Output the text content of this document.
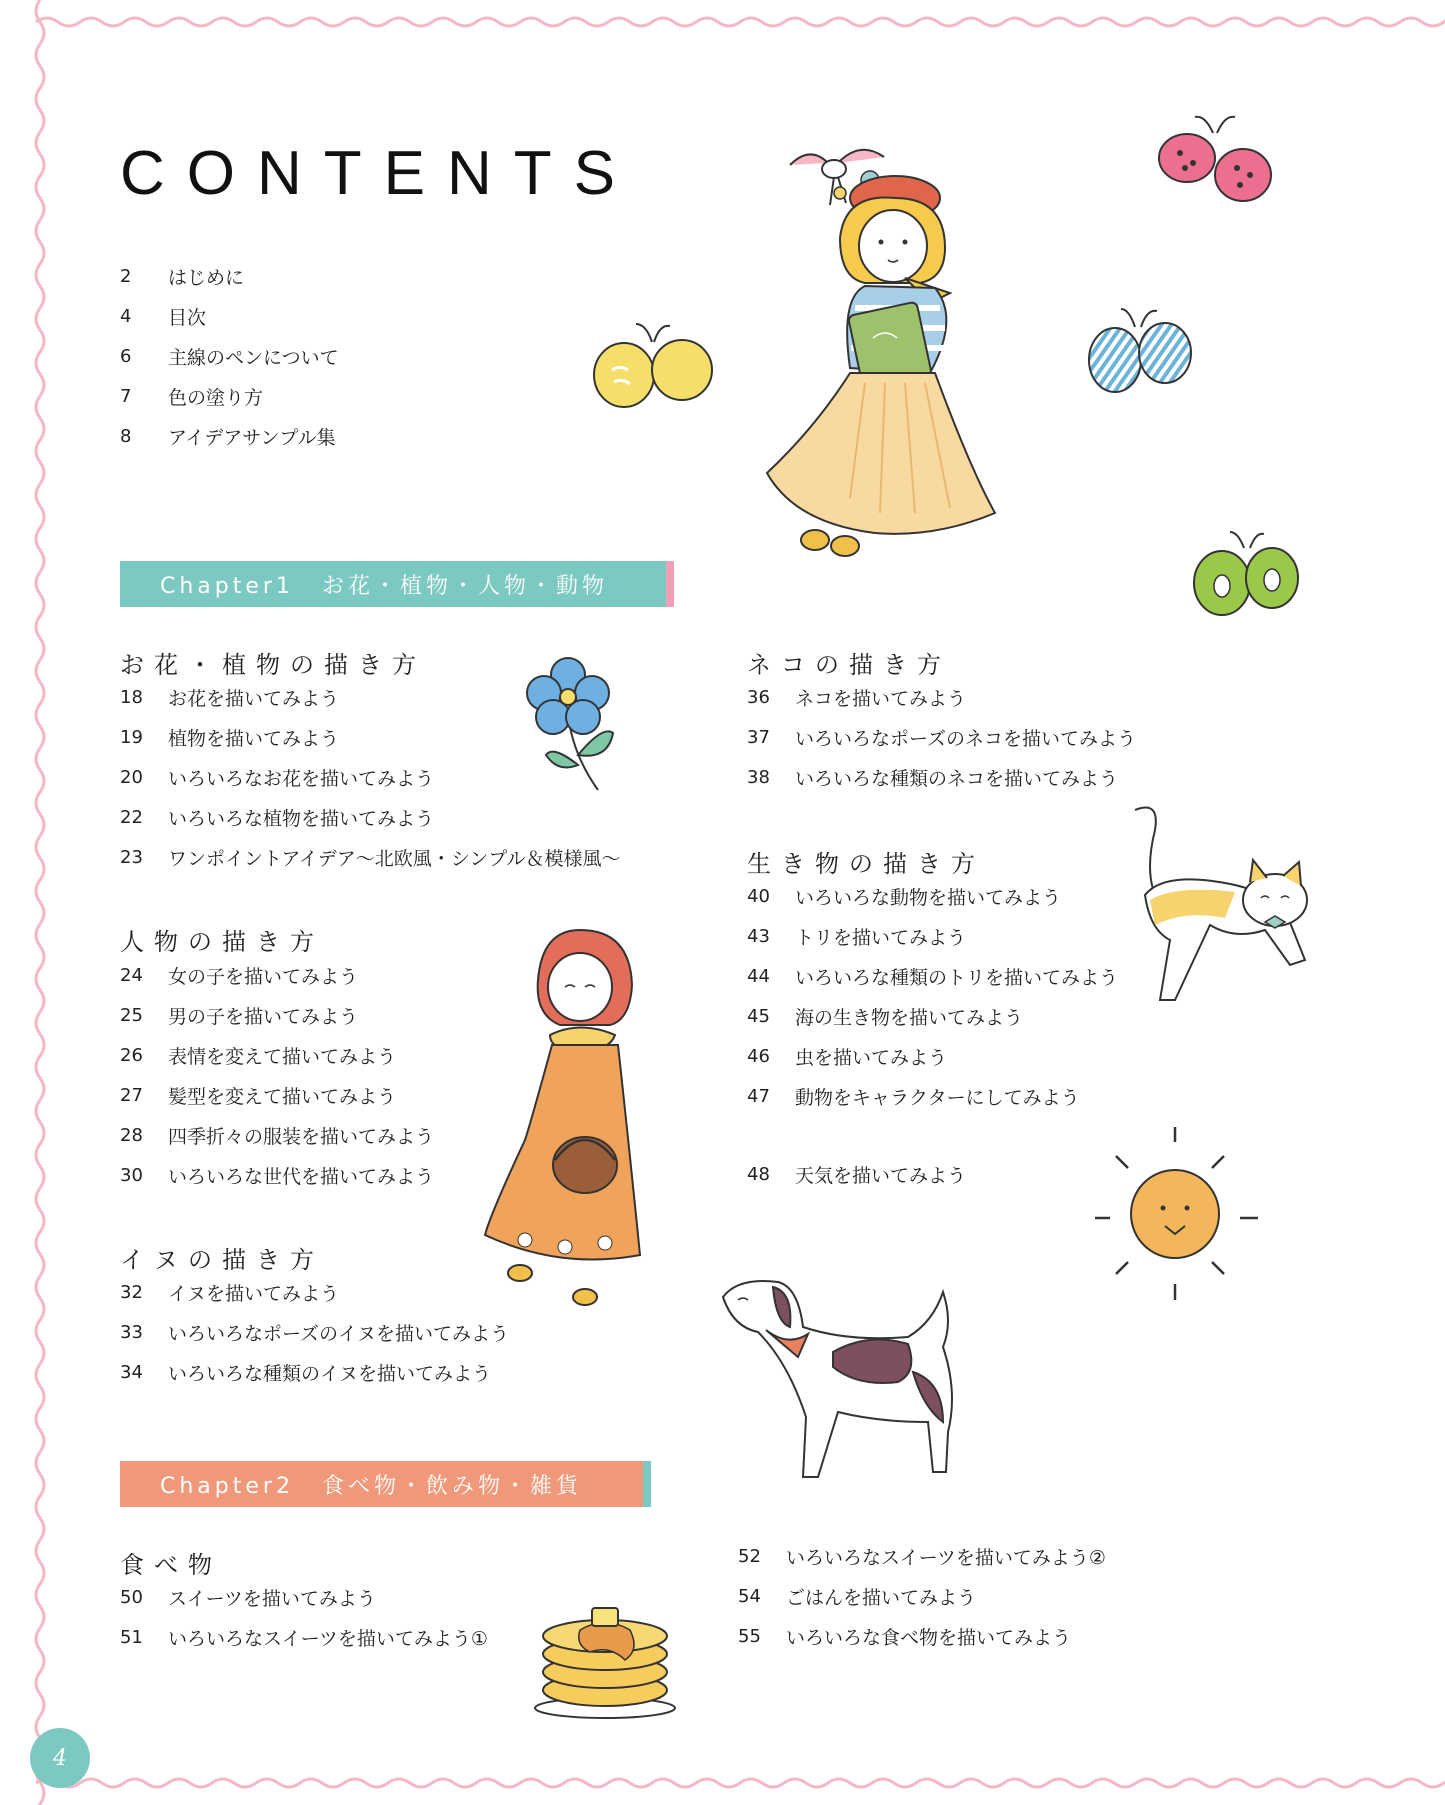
CONTENTS
2	はじめに
4	目次
6	主線のペンについて
7	色の塗り方
8	アイデアサンプル集
Chapter1 お花・植物・人物・動物
お花・植物の描き方
18	お花を描いてみよう
19	植物を描いてみよう
20	いろいろなお花を描いてみよう
22	いろいろな植物を描いてみよう
23	ワンポイントアイデア〜北欧風・シンプル＆模様風〜
人物の描き方
24	女の子を描いてみよう
25	男の子を描いてみよう
26	表情を変えて描いてみよう
27	髪型を変えて描いてみよう
28	四季折々の服装を描いてみよう
30	いろいろな世代を描いてみよう
イヌの描き方
32	イヌを描いてみよう
33	いろいろなポーズのイヌを描いてみよう
34	いろいろな種類のイヌを描いてみよう
ネコの描き方
36	ネコを描いてみよう
37	いろいろなポーズのネコを描いてみよう
38	いろいろな種類のネコを描いてみよう
生き物の描き方
40	いろいろな動物を描いてみよう
43	トリを描いてみよう
44	いろいろな種類のトリを描いてみよう
45	海の生き物を描いてみよう
46	虫を描いてみよう
47	動物をキャラクターにしてみよう
48	天気を描いてみよう
Chapter2 食べ物・飲み物・雑貨
食べ物
50	スイーツを描いてみよう
51	いろいろなスイーツを描いてみよう①
52	いろいろなスイーツを描いてみよう②
54	ごはんを描いてみよう
55	いろいろな食べ物を描いてみよう
4
